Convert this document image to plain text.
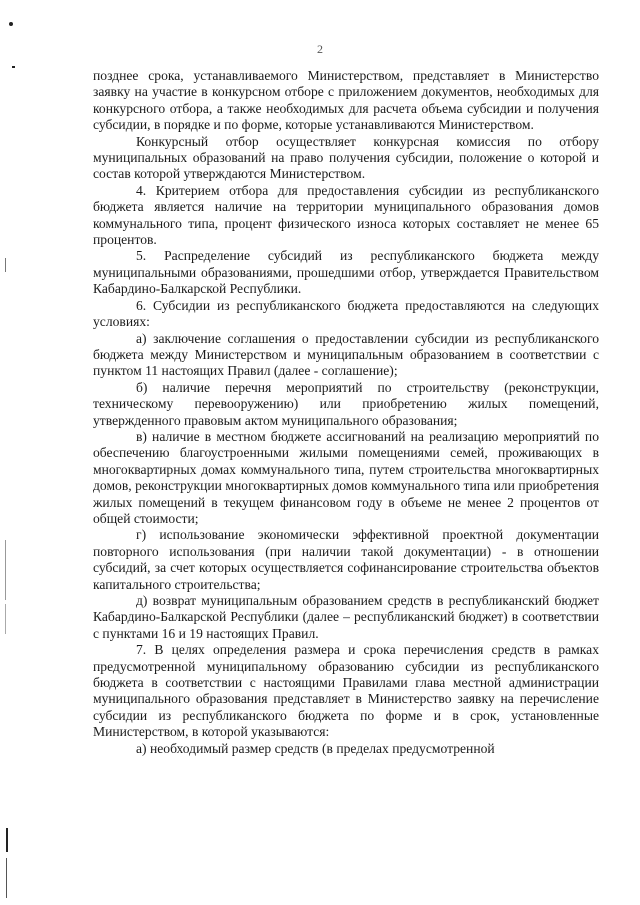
2

позднее срока, устанавливаемого Министерством, представляет в Министерство заявку на участие в конкурсном отборе с приложением документов, необходимых для конкурсного отбора, а также необходимых для расчета объема субсидии и получения субсидии, в порядке и по форме, которые устанавливаются Министерством.

Конкурсный отбор осуществляет конкурсная комиссия по отбору муниципальных образований на право получения субсидии, положение о которой и состав которой утверждаются Министерством.

4. Критерием отбора для предоставления субсидии из республиканского бюджета является наличие на территории муниципального образования домов коммунального типа, процент физического износа которых составляет не менее 65 процентов.

5. Распределение субсидий из республиканского бюджета между муниципальными образованиями, прошедшими отбор, утверждается Правительством Кабардино-Балкарской Республики.

6. Субсидии из республиканского бюджета предоставляются на следующих условиях:

а) заключение соглашения о предоставлении субсидии из республиканского бюджета между Министерством и муниципальным образованием в соответствии с пунктом 11 настоящих Правил (далее - соглашение);

б) наличие перечня мероприятий по строительству (реконструкции, техническому перевооружению) или приобретению жилых помещений, утвержденного правовым актом муниципального образования;

в) наличие в местном бюджете ассигнований на реализацию мероприятий по обеспечению благоустроенными жилыми помещениями семей, проживающих в многоквартирных домах коммунального типа, путем строительства многоквартирных домов, реконструкции многоквартирных домов коммунального типа или приобретения жилых помещений в текущем финансовом году в объеме не менее 2 процентов от общей стоимости;

г) использование экономически эффективной проектной документации повторного использования (при наличии такой документации) - в отношении субсидий, за счет которых осуществляется софинансирование строительства объектов капитального строительства;

д) возврат муниципальным образованием средств в республиканский бюджет Кабардино-Балкарской Республики (далее – республиканский бюджет) в соответствии с пунктами 16 и 19 настоящих Правил.

7. В целях определения размера и срока перечисления средств в рамках предусмотренной муниципальному образованию субсидии из республиканского бюджета в соответствии с настоящими Правилами глава местной администрации муниципального образования представляет в Министерство заявку на перечисление субсидии из республиканского бюджета по форме и в срок, установленные Министерством, в которой указываются:

а) необходимый размер средств (в пределах предусмотренной
